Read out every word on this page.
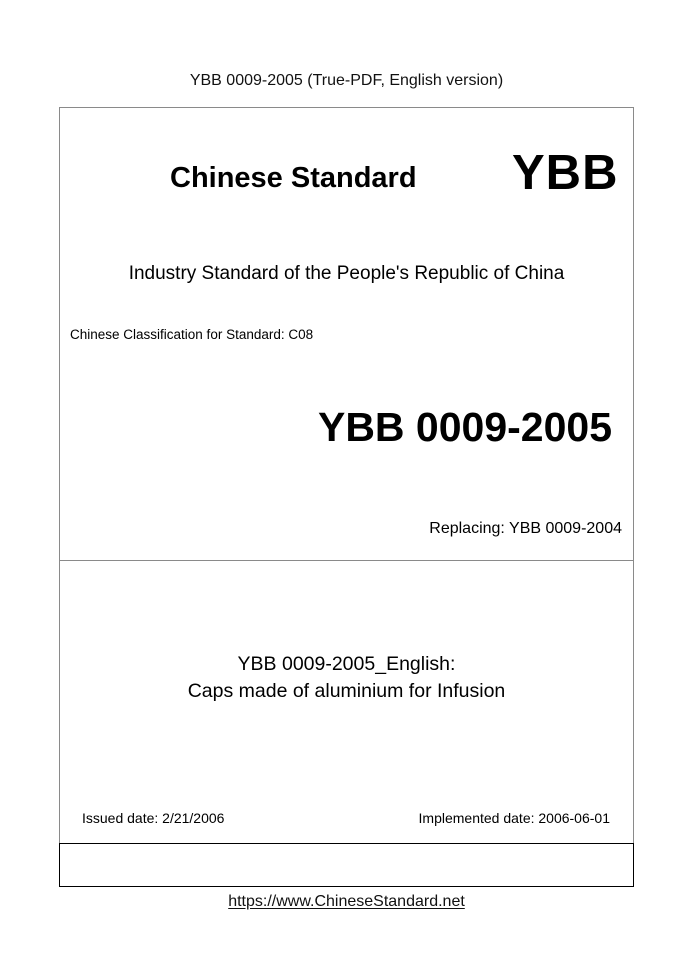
YBB 0009-2005 (True-PDF, English version)
Chinese Standard YBB
Industry Standard of the People's Republic of China
Chinese Classification for Standard: C08
YBB 0009-2005
Replacing: YBB 0009-2004
YBB 0009-2005_English:
Caps made of aluminium for Infusion
Issued date: 2/21/2006	Implemented date: 2006-06-01
https://www.ChineseStandard.net
